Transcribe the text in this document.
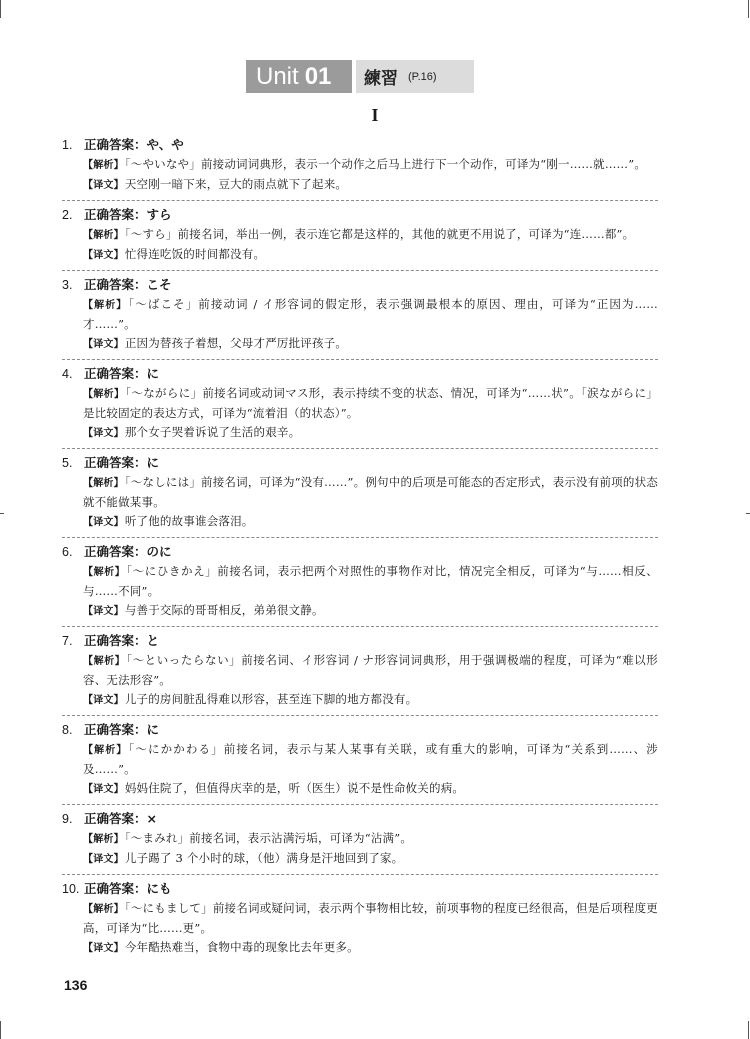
Unit 01 練習 (P.16)
I
1. 正确答案：や、や
【解析】「～やいなや」前接动词词典形，表示一个动作之后马上进行下一个动作，可译为“刚一……就……”。
【译文】天空刚一暗下来，豆大的雨点就下了起来。
2. 正确答案：すら
【解析】「～すら」前接名词，举出一例，表示连它都是这样的，其他的就更不用说了，可译为“连……都”。
【译文】忙得连吃饭的时间都没有。
3. 正确答案：こそ
【解析】「～ばこそ」前接动词 / イ形容词的假定形，表示强调最根本的原因、理由，可译为“正因为……才……”。
【译文】正因为替孩子着想，父母才严厉批评孩子。
4. 正确答案：に
【解析】「～ながらに」前接名词或动词マス形，表示持续不变的状态、情况，可译为“……状”。「涙ながらに」是比较固定的表达方式，可译为“流着泪（的状态）”。
【译文】那个女子哭着诉说了生活的艰辛。
5. 正确答案：に
【解析】「～なしには」前接名词，可译为“没有……”。例句中的后项是可能态的否定形式，表示没有前项的状态就不能做某事。
【译文】听了他的故事谁会落泪。
6. 正确答案：のに
【解析】「～にひきかえ」前接名词，表示把两个对照性的事物作对比，情况完全相反，可译为“与……相反、与……不同”。
【译文】与善于交际的哥哥相反，弟弟很文静。
7. 正确答案：と
【解析】「～といったらない」前接名词、イ形容词 / ナ形容词词典形，用于强调极端的程度，可译为“难以形容、无法形容”。
【译文】儿子的房间脏乱得难以形容，甚至连下脚的地方都没有。
8. 正确答案：に
【解析】「～にかかわる」前接名词，表示与某人某事有关联，或有重大的影响，可译为“关系到……、涉及……”。
【译文】妈妈住院了，但值得庆幸的是，听（医生）说不是性命攸关的病。
9. 正确答案：×
【解析】「～まみれ」前接名词，表示沾满污垢，可译为“沾满”。
【译文】儿子踢了 3 个小时的球，（他）满身是汗地回到了家。
10. 正确答案：にも
【解析】「～にもまして」前接名词或疑问词，表示两个事物相比较，前项事物的程度已经很高，但是后项程度更高，可译为“比……更”。
【译文】今年酷热难当，食物中毒的现象比去年更多。
136
